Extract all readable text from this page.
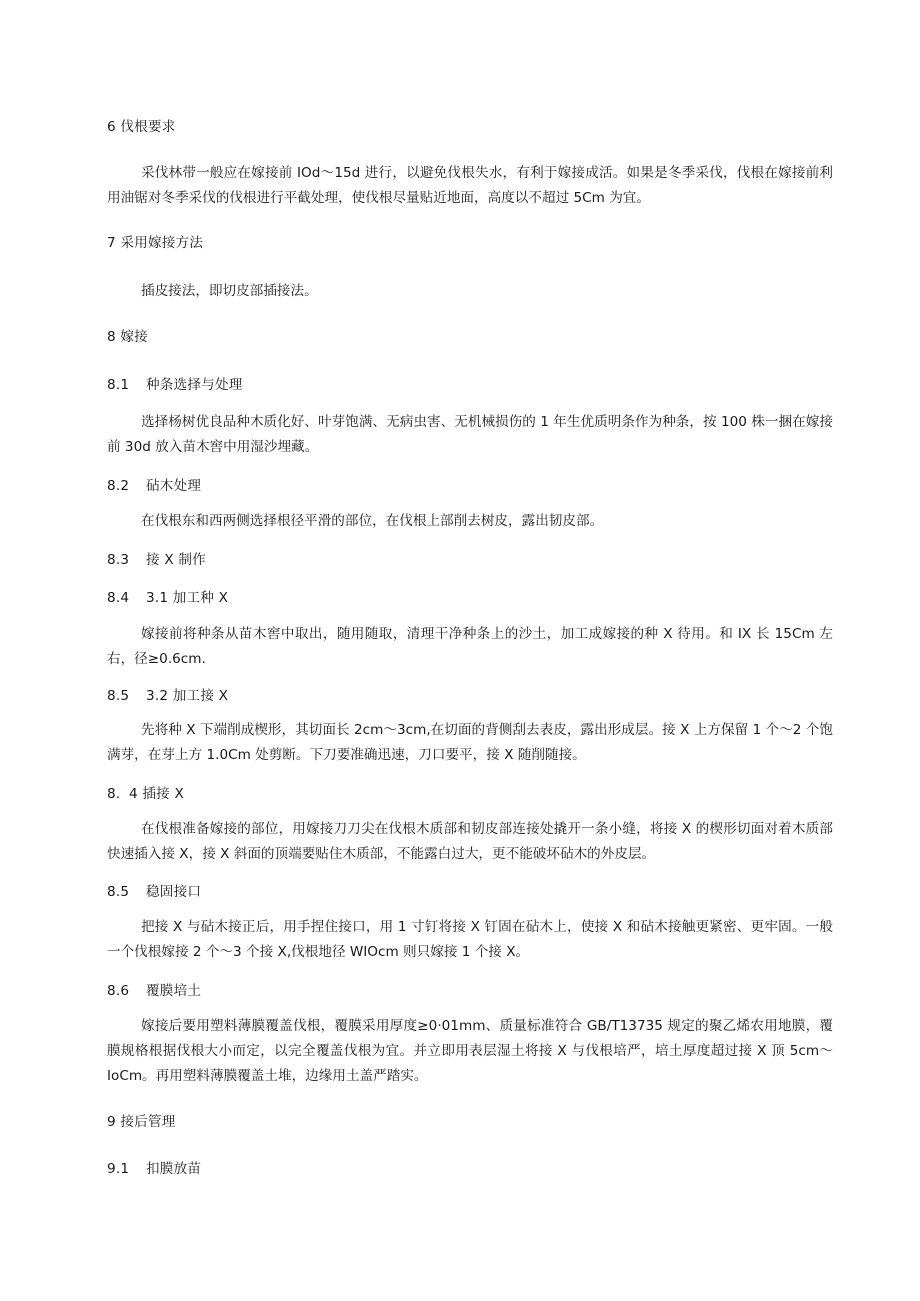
6 伐根要求

采伐林带一般应在嫁接前 IOd～15d 进行，以避免伐根失水，有利于嫁接成活。如果是冬季采伐，伐根在嫁接前利用油锯对冬季采伐的伐根进行平截处理，使伐根尽量贴近地面，高度以不超过 5Cm 为宜。

7 采用嫁接方法

插皮接法，即切皮部插接法。

8 嫁接

8.1 种条选择与处理

选择杨树优良品种木质化好、叶芽饱满、无病虫害、无机械损伤的 1 年生优质明条作为种条，按 100 株一捆在嫁接前 30d 放入苗木窖中用湿沙埋藏。

8.2 砧木处理

在伐根东和西两侧选择根径平滑的部位，在伐根上部削去树皮，露出韧皮部。

8.3 接 X 制作

8.4 3.1 加工种 X

嫁接前将种条从苗木窖中取出，随用随取，清理干净种条上的沙土，加工成嫁接的种 X 待用。和 IX 长 15Cm 左右，径≥0.6cm.

8.5 3.2 加工接 X

先将种 X 下端削成楔形，其切面长 2cm～3cm,在切面的背侧刮去表皮，露出形成层。接 X 上方保留 1 个～2 个饱满芽，在芽上方 1.0Cm 处剪断。下刀要准确迅速，刀口要平，接 X 随削随接。

8. 4 插接 X

在伐根准备嫁接的部位，用嫁接刀刀尖在伐根木质部和韧皮部连接处撬开一条小缝，将接 X 的楔形切面对着木质部快速插入接 X，接 X 斜面的顶端要贴住木质部，不能露白过大，更不能破坏砧木的外皮层。

8.5 稳固接口

把接 X 与砧木接正后，用手捏住接口，用 1 寸钉将接 X 钉固在砧木上，使接 X 和砧木接触更紧密、更牢固。一般一个伐根嫁接 2 个～3 个接 X,伐根地径 WIOcm 则只嫁接 1 个接 X。

8.6 覆膜培土

嫁接后要用塑料薄膜覆盖伐根，覆膜采用厚度≥0·01mm、质量标准符合 GB/T13735 规定的聚乙烯农用地膜，覆膜规格根据伐根大小而定，以完全覆盖伐根为宜。并立即用表层湿土将接 X 与伐根培严，培土厚度超过接 X 顶 5cm～IoCm。再用塑料薄膜覆盖土堆，边缘用土盖严踏实。

9 接后管理

9.1 扣膜放苗
